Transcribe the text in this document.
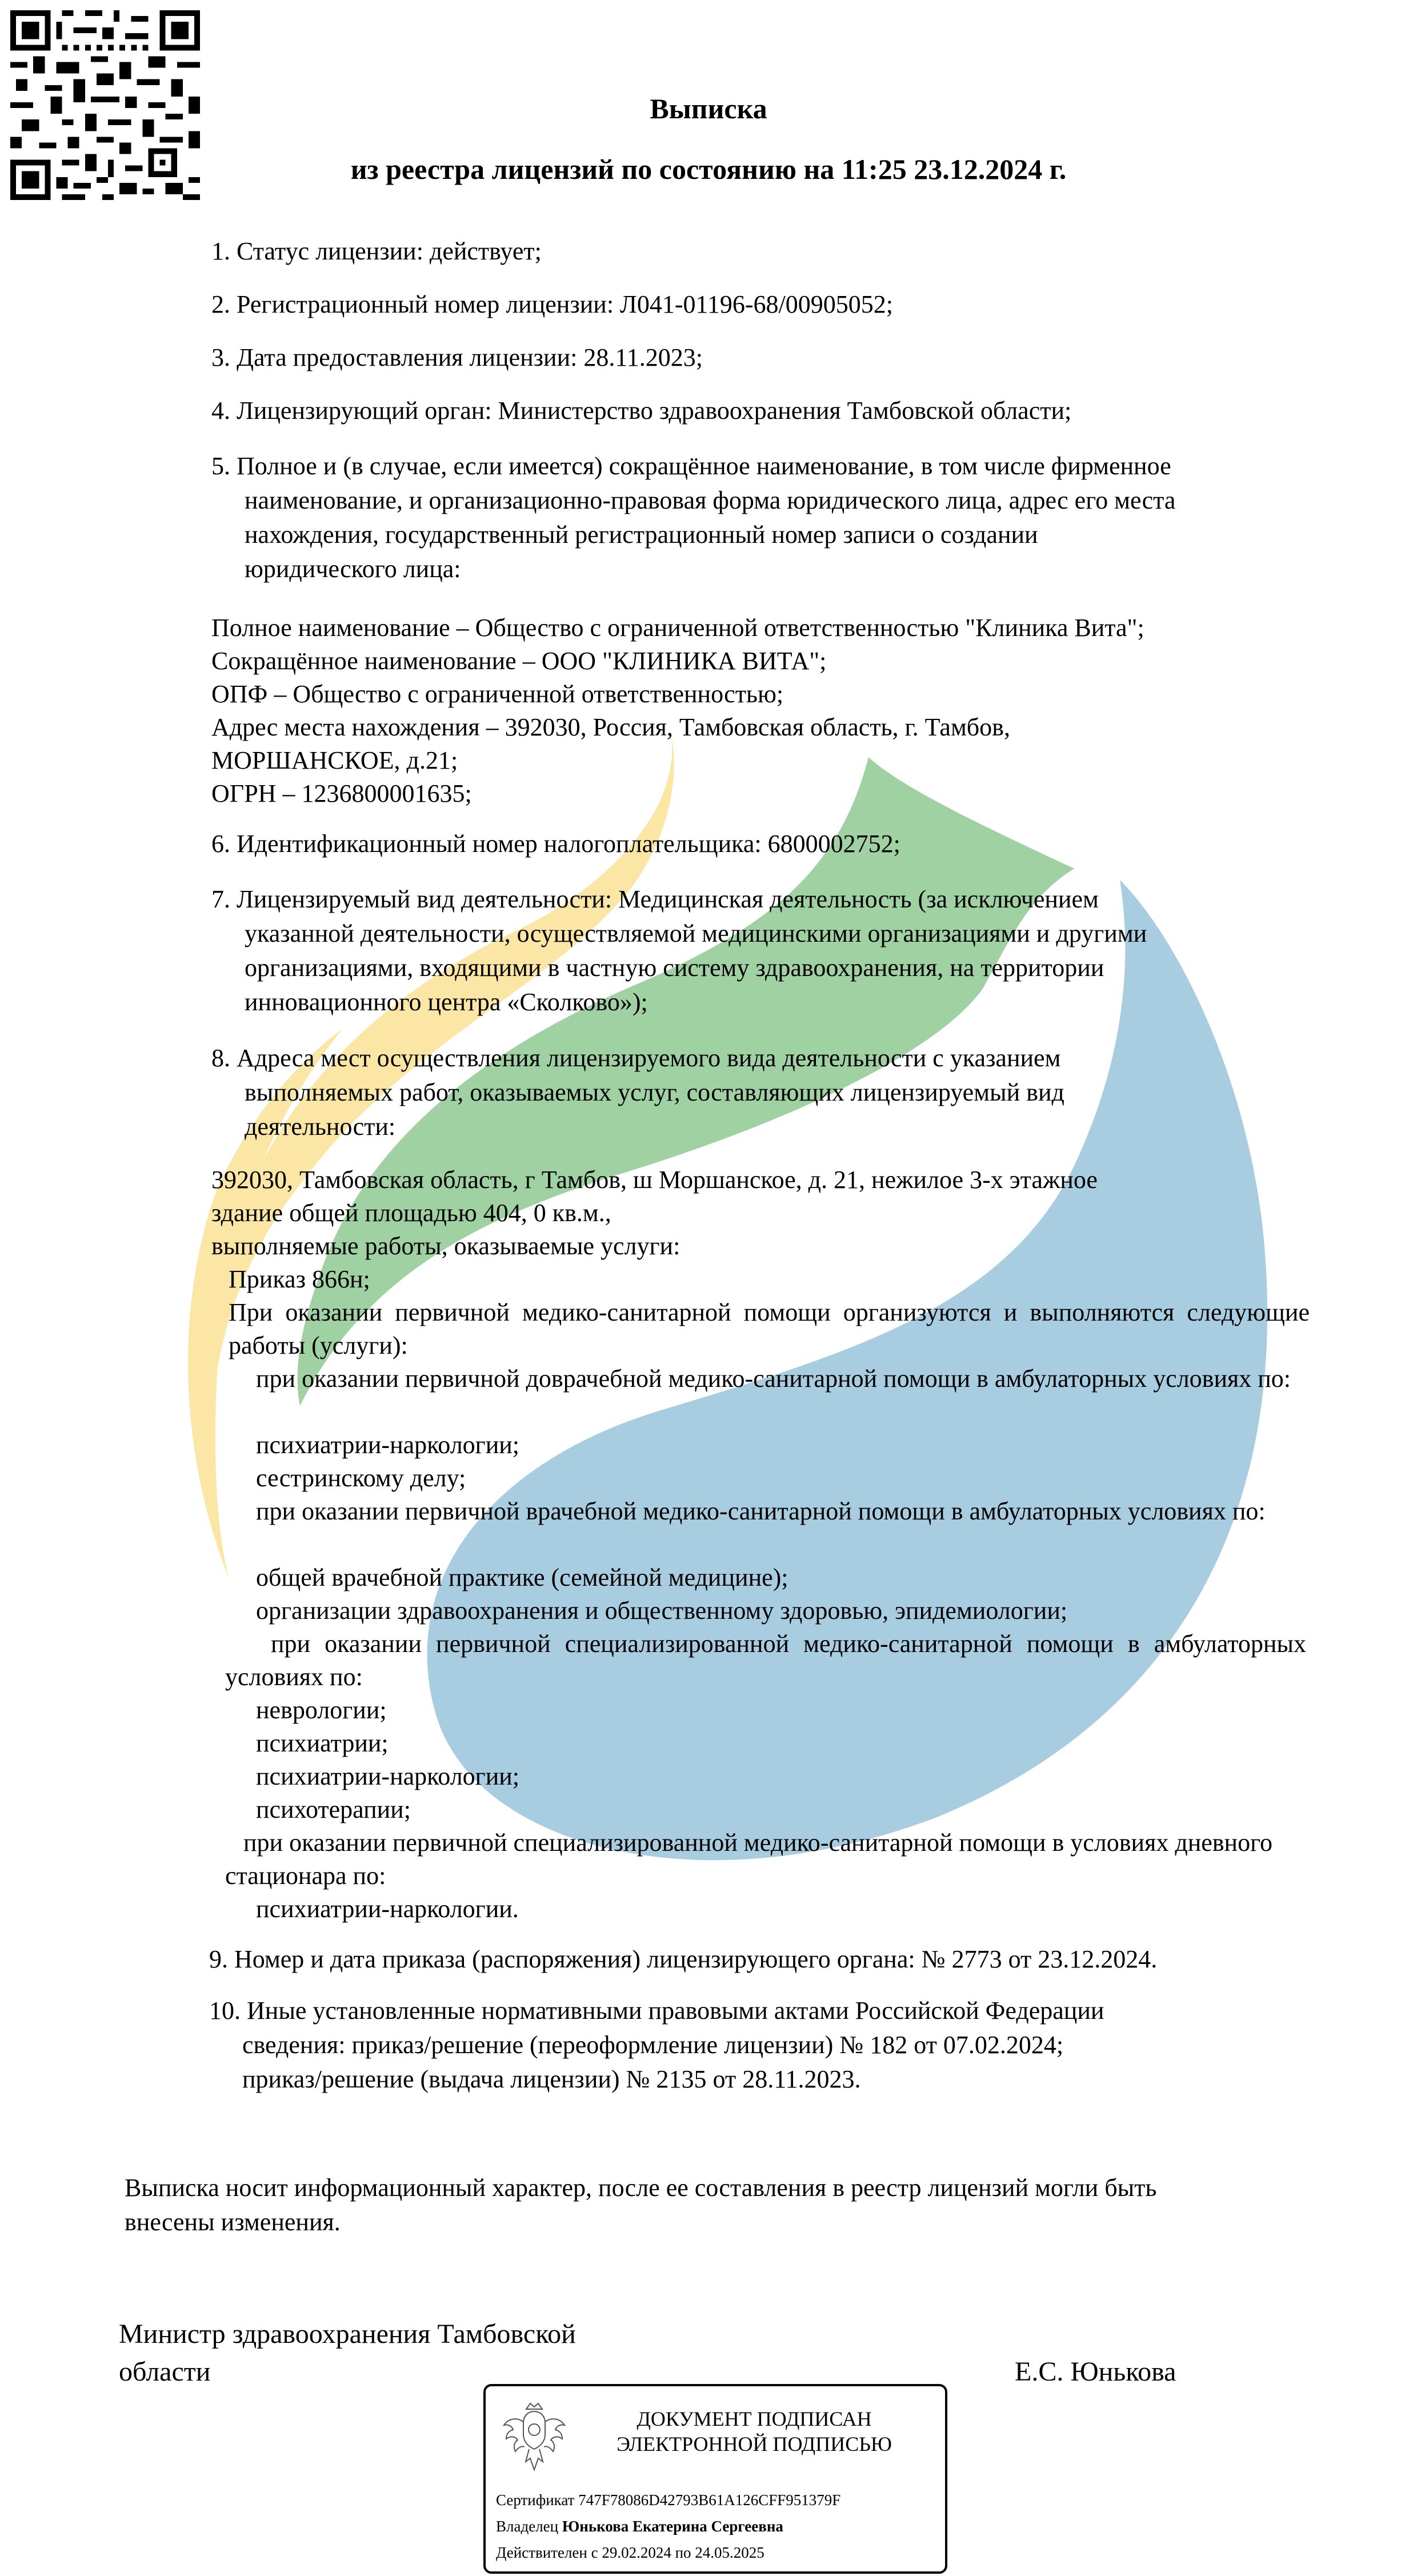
Выписка
из реестра лицензий по состоянию на 11:25 23.12.2024 г.

1. Статус лицензии: действует;

2. Регистрационный номер лицензии: Л041-01196-68/00905052;

3. Дата предоставления лицензии: 28.11.2023;

4. Лицензирующий орган: Министерство здравоохранения Тамбовской области;

5. Полное и (в случае, если имеется) сокращённое наименование, в том числе фирменное

наименование, и организационно-правовая форма юридического лица, адрес его места

нахождения, государственный регистрационный номер записи о создании

юридического лица:

Полное наименование – Общество с ограниченной ответственностью "Клиника Вита";

Сокращённое наименование – ООО "КЛИНИКА ВИТА";

ОПФ – Общество с ограниченной ответственностью;

Адрес места нахождения – 392030, Россия, Тамбовская область, г. Тамбов,

МОРШАНСКОЕ, д.21;

ОГРН – 1236800001635;

6. Идентификационный номер налогоплательщика: 6800002752;

7. Лицензируемый вид деятельности: Медицинская деятельность (за исключением

указанной деятельности, осуществляемой медицинскими организациями и другими

организациями, входящими в частную систему здравоохранения, на территории

инновационного центра «Сколково»);

8. Адреса мест осуществления лицензируемого вида деятельности с указанием

выполняемых работ, оказываемых услуг, составляющих лицензируемый вид

деятельности:

392030, Тамбовская область, г Тамбов, ш Моршанское, д. 21, нежилое 3-х этажное

здание общей площадью 404, 0 кв.м.,

выполняемые работы, оказываемые услуги:

Приказ 866н;

При оказании первичной медико-санитарной помощи организуются и выполняются следующие работы (услуги):

при оказании первичной доврачебной медико-санитарной помощи в амбулаторных условиях по:

психиатрии-наркологии;

сестринскому делу;

при оказании первичной врачебной медико-санитарной помощи в амбулаторных условиях по:

общей врачебной практике (семейной медицине);

организации здравоохранения и общественному здоровью, эпидемиологии;

при оказании первичной специализированной медико-санитарной помощи в амбулаторных условиях по:

неврологии;

психиатрии;

психиатрии-наркологии;

психотерапии;

при оказании первичной специализированной медико-санитарной помощи в условиях дневного стационара по:

психиатрии-наркологии.

9. Номер и дата приказа (распоряжения) лицензирующего органа: № 2773 от 23.12.2024.

10. Иные установленные нормативными правовыми актами Российской Федерации

сведения: приказ/решение (переоформление лицензии) № 182 от 07.02.2024;

приказ/решение (выдача лицензии) № 2135 от 28.11.2023.

Выписка носит информационный характер, после ее составления в реестр лицензий могли быть

внесены изменения.

Министр здравоохранения Тамбовской

области	Е.С. Юнькова

ДОКУМЕНТ ПОДПИСАН
ЭЛЕКТРОННОЙ ПОДПИСЬЮ
Сертификат 747F78086D42793B61A126CFF951379F
Владелец Юнькова Екатерина Сергеевна
Действителен с 29.02.2024 по 24.05.2025
